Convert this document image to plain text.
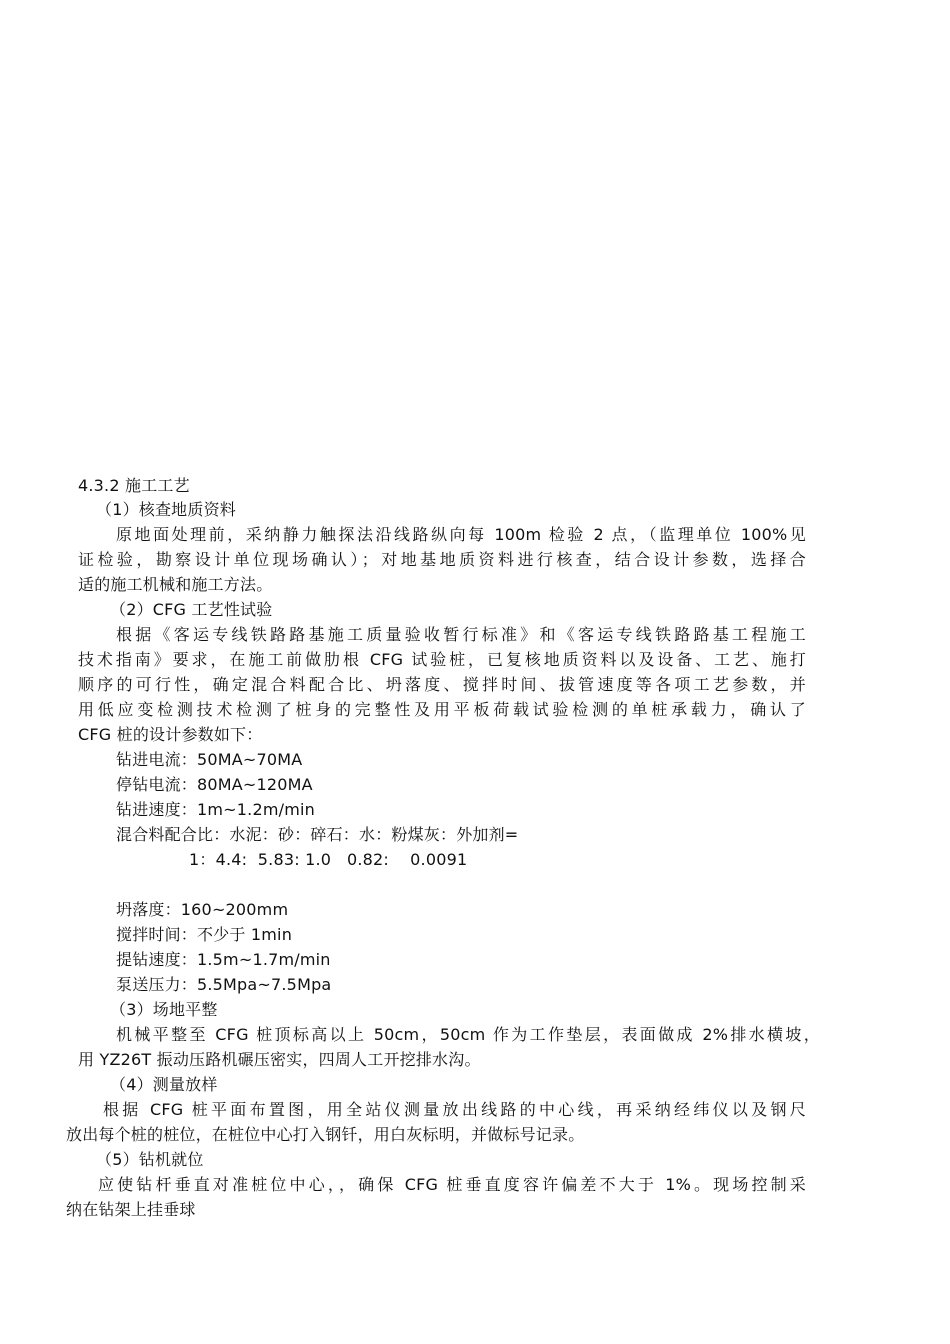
4.3.2 施工工艺
（1）核查地质资料
原地面处理前，采纳静力触探法沿线路纵向每 100m 检验 2 点，（监理单位 100%见
证检验，勘察设计单位现场确认）；对地基地质资料进行核查，结合设计参数，选择合
适的施工机械和施工方法。
（2）CFG 工艺性试验
根据《客运专线铁路路基施工质量验收暂行标准》和《客运专线铁路路基工程施工
技术指南》要求，在施工前做肋根 CFG 试验桩，已复核地质资料以及设备、工艺、施打
顺序的可行性，确定混合料配合比、坍落度、搅拌时间、拔管速度等各项工艺参数，并
用低应变检测技术检测了桩身的完整性及用平板荷载试验检测的单桩承载力，确认了
CFG 桩的设计参数如下：
钻进电流：50MA~70MA
停钻电流：80MA~120MA
钻进速度：1m~1.2m/min
混合料配合比：水泥：砂：碎石：水：粉煤灰：外加剂=
1：4.4:  5.83: 1.0   0.82:    0.0091
坍落度：160~200mm
搅拌时间：不少于 1min
提钻速度：1.5m~1.7m/min
泵送压力：5.5Mpa~7.5Mpa
（3）场地平整
机械平整至 CFG 桩顶标高以上 50cm，50cm 作为工作垫层，表面做成 2%排水横坡，
用 YZ26T 振动压路机碾压密实，四周人工开挖排水沟。
（4）测量放样
根据 CFG 桩平面布置图，用全站仪测量放出线路的中心线，再采纳经纬仪以及钢尺
放出每个桩的桩位，在桩位中心打入钢钎，用白灰标明，并做标号记录。
（5）钻机就位
应使钻杆垂直对准桩位中心，，确保 CFG 桩垂直度容许偏差不大于 1%。现场控制采
纳在钻架上挂垂球
